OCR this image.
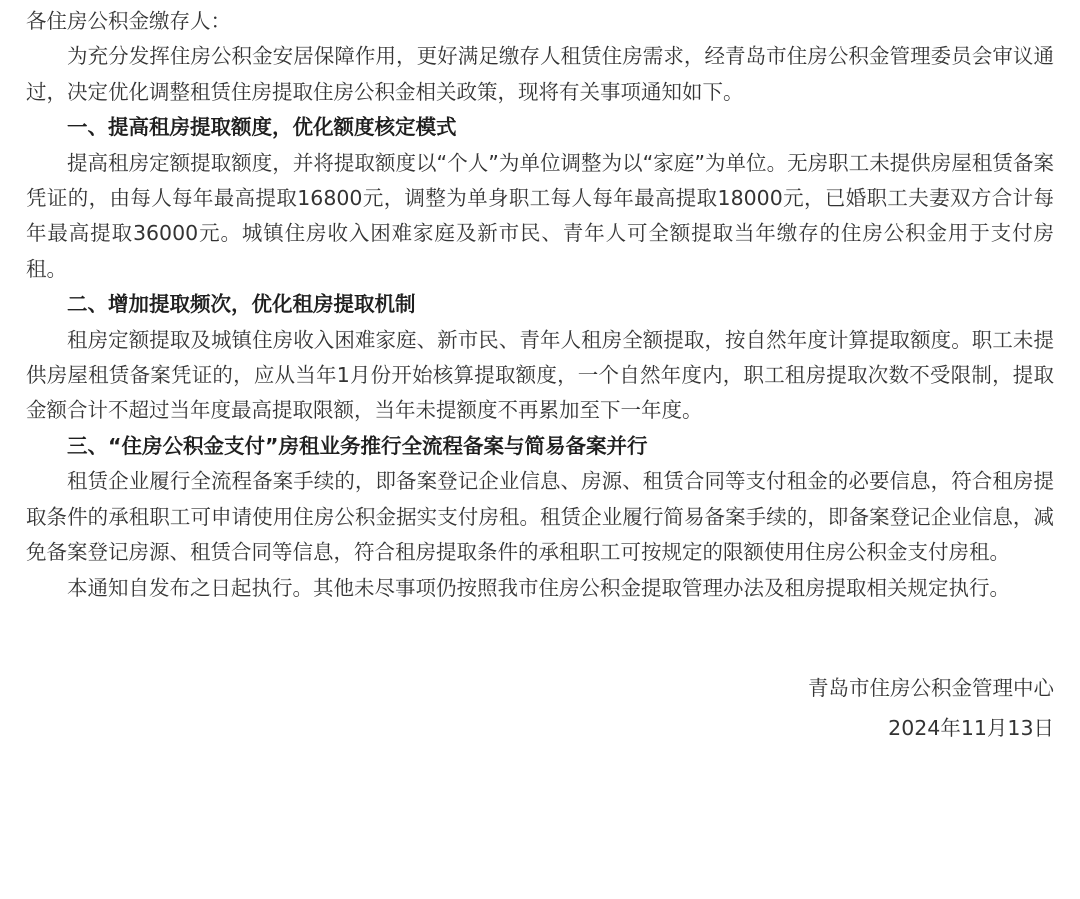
各住房公积金缴存人：

为充分发挥住房公积金安居保障作用，更好满足缴存人租赁住房需求，经青岛市住房公积金管理委员会审议通过，决定优化调整租赁住房提取住房公积金相关政策，现将有关事项通知如下。

一、提高租房提取额度，优化额度核定模式

提高租房定额提取额度，并将提取额度以“个人”为单位调整为以“家庭”为单位。无房职工未提供房屋租赁备案凭证的，由每人每年最高提取16800元，调整为单身职工每人每年最高提取18000元，已婚职工夫妻双方合计每年最高提取36000元。城镇住房收入困难家庭及新市民、青年人可全额提取当年缴存的住房公积金用于支付房租。

二、增加提取频次，优化租房提取机制

租房定额提取及城镇住房收入困难家庭、新市民、青年人租房全额提取，按自然年度计算提取额度。职工未提供房屋租赁备案凭证的，应从当年1月份开始核算提取额度，一个自然年度内，职工租房提取次数不受限制，提取金额合计不超过当年度最高提取限额，当年未提额度不再累加至下一年度。

三、“住房公积金支付”房租业务推行全流程备案与简易备案并行

租赁企业履行全流程备案手续的，即备案登记企业信息、房源、租赁合同等支付租金的必要信息，符合租房提取条件的承租职工可申请使用住房公积金据实支付房租。租赁企业履行简易备案手续的，即备案登记企业信息，减免备案登记房源、租赁合同等信息，符合租房提取条件的承租职工可按规定的限额使用住房公积金支付房租。

本通知自发布之日起执行。其他未尽事项仍按照我市住房公积金提取管理办法及租房提取相关规定执行。

青岛市住房公积金管理中心

2024年11月13日
